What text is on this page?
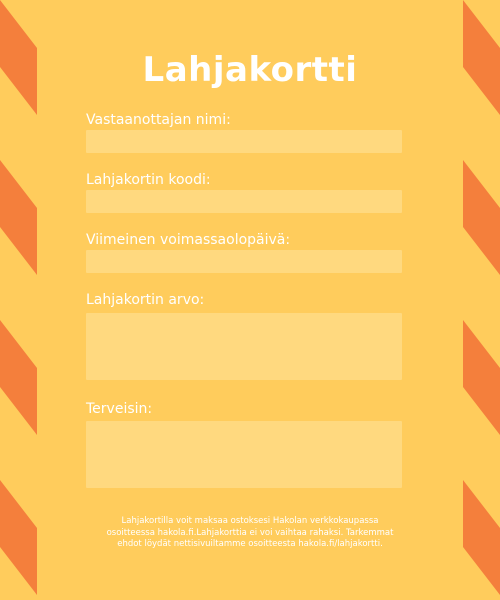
Lahjakortti
Vastaanottajan nimi:
Lahjakortin koodi:
Viimeinen voimassaolopäivä:
Lahjakortin arvo:
Terveisin:
Lahjakortilla voit maksaa ostoksesi Hakolan verkkokaupassa osoitteessa hakola.fi.Lahjakorttia ei voi vaihtaa rahaksi. Tarkemmat ehdot löydät nettisivuiltamme osoitteesta hakola.fi/lahjakortti.
